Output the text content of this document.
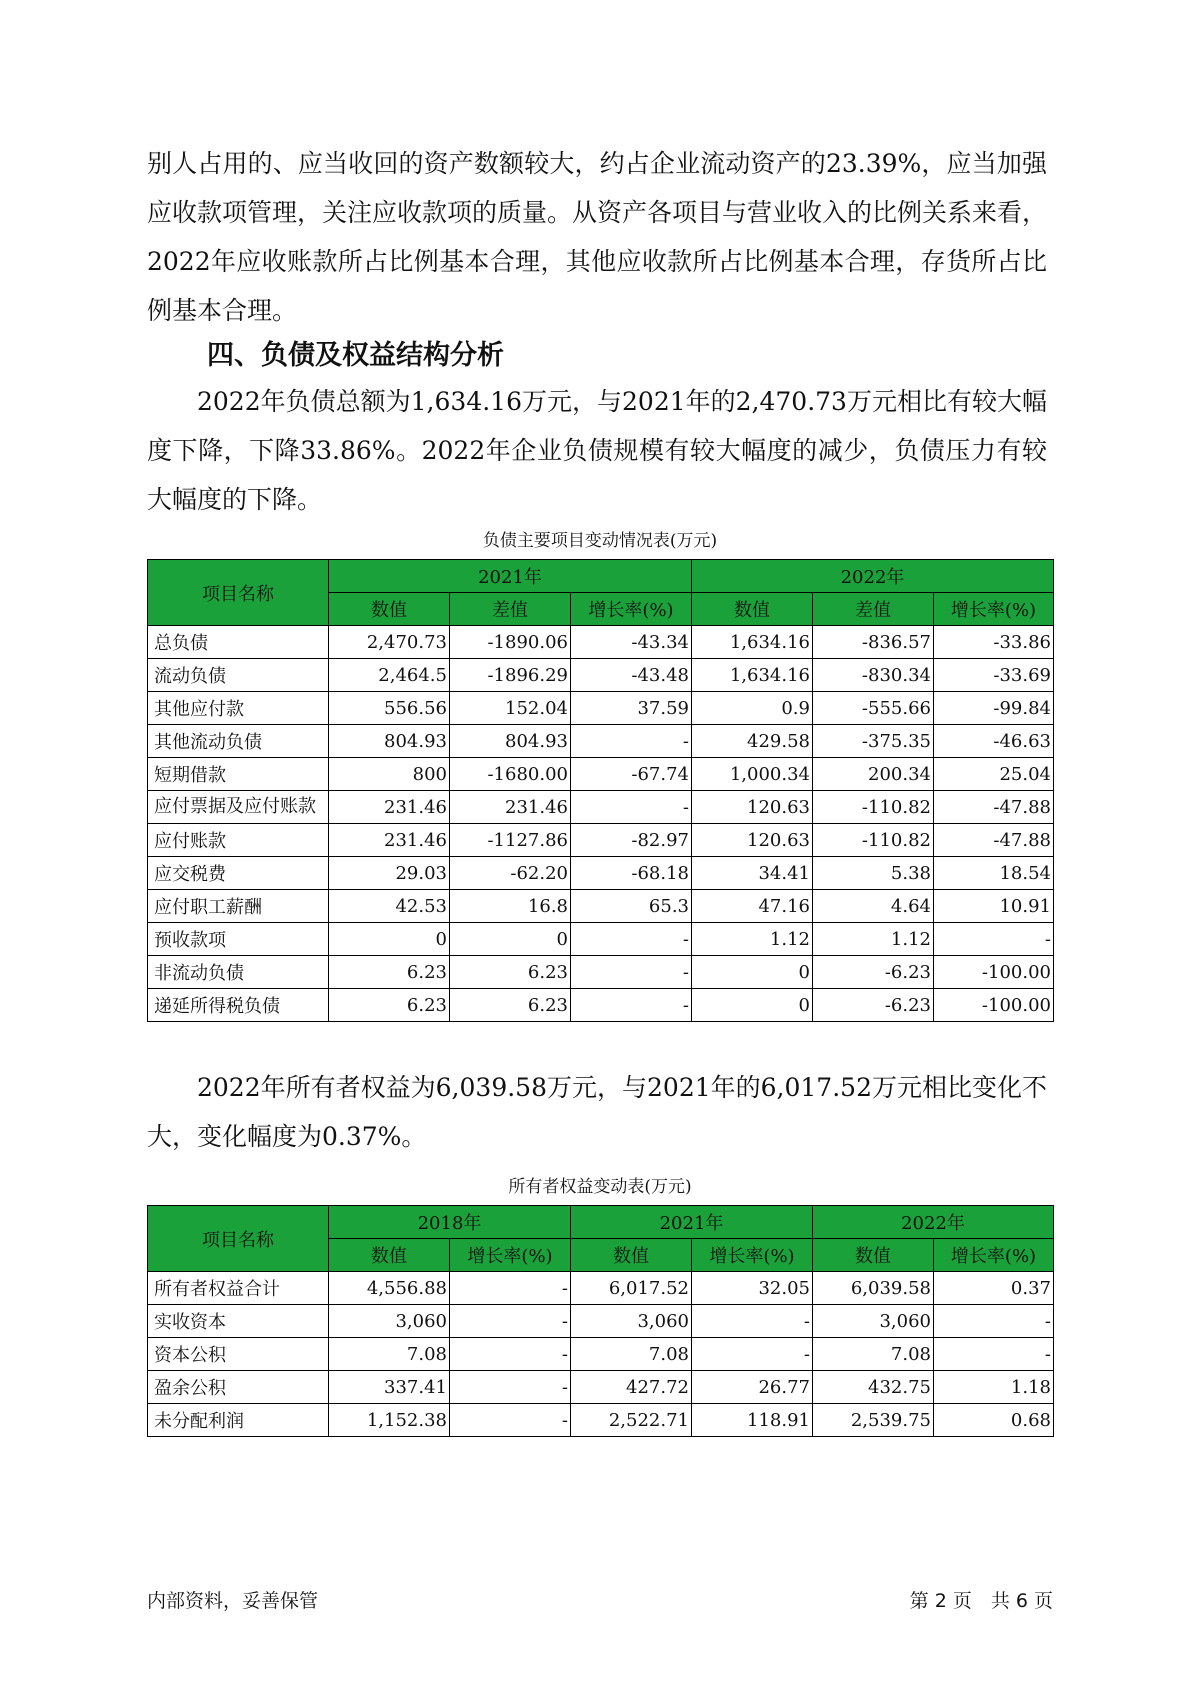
别人占用的、应当收回的资产数额较大，约占企业流动资产的23.39%，应当加强应收款项管理，关注应收款项的质量。从资产各项目与营业收入的比例关系来看，2022年应收账款所占比例基本合理，其他应收款所占比例基本合理，存货所占比例基本合理。

四、负债及权益结构分析

2022年负债总额为1,634.16万元，与2021年的2,470.73万元相比有较大幅度下降，下降33.86%。2022年企业负债规模有较大幅度的减少，负债压力有较大幅度的下降。

负债主要项目变动情况表(万元)
项目名称	2021年			2022年		
	数值	差值	增长率(%)	数值	差值	增长率(%)
总负债	2,470.73	-1890.06	-43.34	1,634.16	-836.57	-33.86
流动负债	2,464.5	-1896.29	-43.48	1,634.16	-830.34	-33.69
其他应付款	556.56	152.04	37.59	0.9	-555.66	-99.84
其他流动负债	804.93	804.93	-	429.58	-375.35	-46.63
短期借款	800	-1680.00	-67.74	1,000.34	200.34	25.04
应付票据及应付账款	231.46	231.46	-	120.63	-110.82	-47.88
应付账款	231.46	-1127.86	-82.97	120.63	-110.82	-47.88
应交税费	29.03	-62.20	-68.18	34.41	5.38	18.54
应付职工薪酬	42.53	16.8	65.3	47.16	4.64	10.91
预收款项	0	0	-	1.12	1.12	-
非流动负债	6.23	6.23	-	0	-6.23	-100.00
递延所得税负债	6.23	6.23	-	0	-6.23	-100.00

2022年所有者权益为6,039.58万元，与2021年的6,017.52万元相比变化不大，变化幅度为0.37%。

所有者权益变动表(万元)
项目名称	2018年		2021年		2022年	
	数值	增长率(%)	数值	增长率(%)	数值	增长率(%)
所有者权益合计	4,556.88	-	6,017.52	32.05	6,039.58	0.37
实收资本	3,060	-	3,060	-	3,060	-
资本公积	7.08	-	7.08	-	7.08	-
盈余公积	337.41	-	427.72	26.77	432.75	1.18
未分配利润	1,152.38	-	2,522.71	118.91	2,539.75	0.68
内部资料，妥善保管	第 2 页　共 6 页
